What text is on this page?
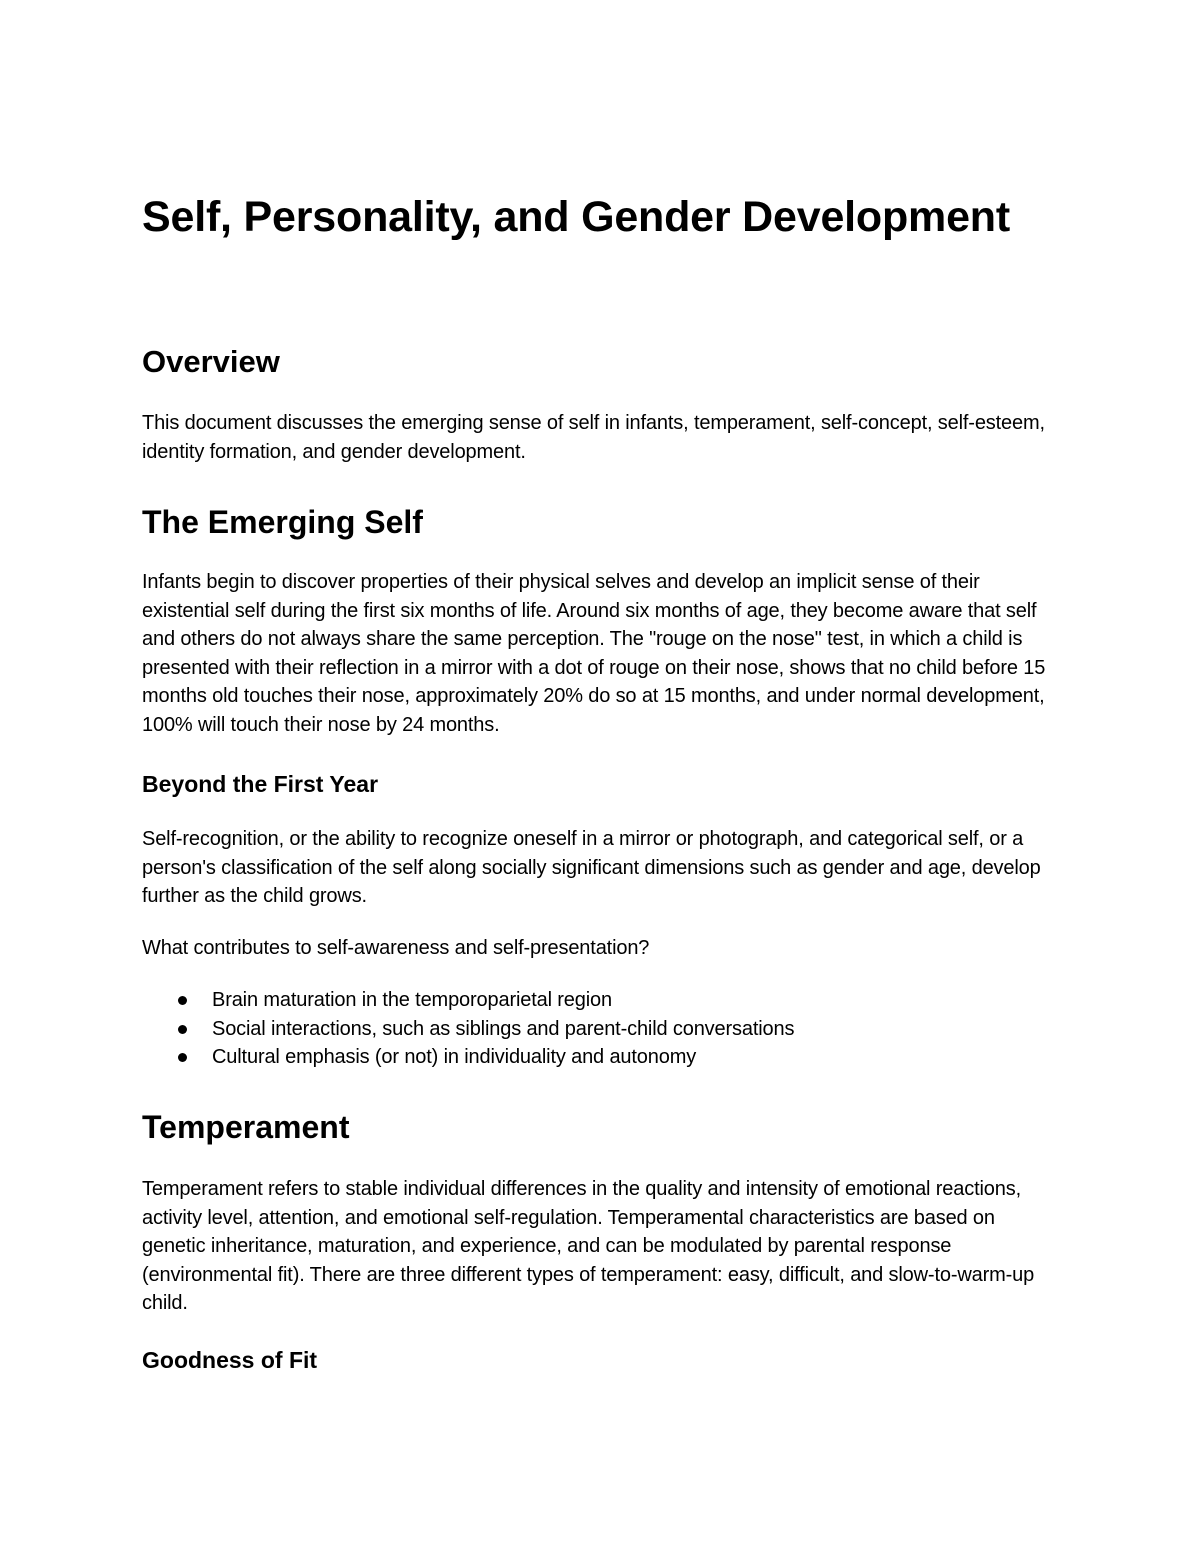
Self, Personality, and Gender Development
Overview

This document discusses the emerging sense of self in infants, temperament, self-concept, self-esteem, identity formation, and gender development.

The Emerging Self

Infants begin to discover properties of their physical selves and develop an implicit sense of their existential self during the first six months of life. Around six months of age, they become aware that self and others do not always share the same perception. The "rouge on the nose" test, in which a child is presented with their reflection in a mirror with a dot of rouge on their nose, shows that no child before 15 months old touches their nose, approximately 20% do so at 15 months, and under normal development, 100% will touch their nose by 24 months.

Beyond the First Year

Self-recognition, or the ability to recognize oneself in a mirror or photograph, and categorical self, or a person's classification of the self along socially significant dimensions such as gender and age, develop further as the child grows.

What contributes to self-awareness and self-presentation?

Brain maturation in the temporoparietal region
Social interactions, such as siblings and parent-child conversations
Cultural emphasis (or not) in individuality and autonomy
Temperament

Temperament refers to stable individual differences in the quality and intensity of emotional reactions, activity level, attention, and emotional self-regulation. Temperamental characteristics are based on genetic inheritance, maturation, and experience, and can be modulated by parental response (environmental fit). There are three different types of temperament: easy, difficult, and slow-to-warm-up child.

Goodness of Fit
